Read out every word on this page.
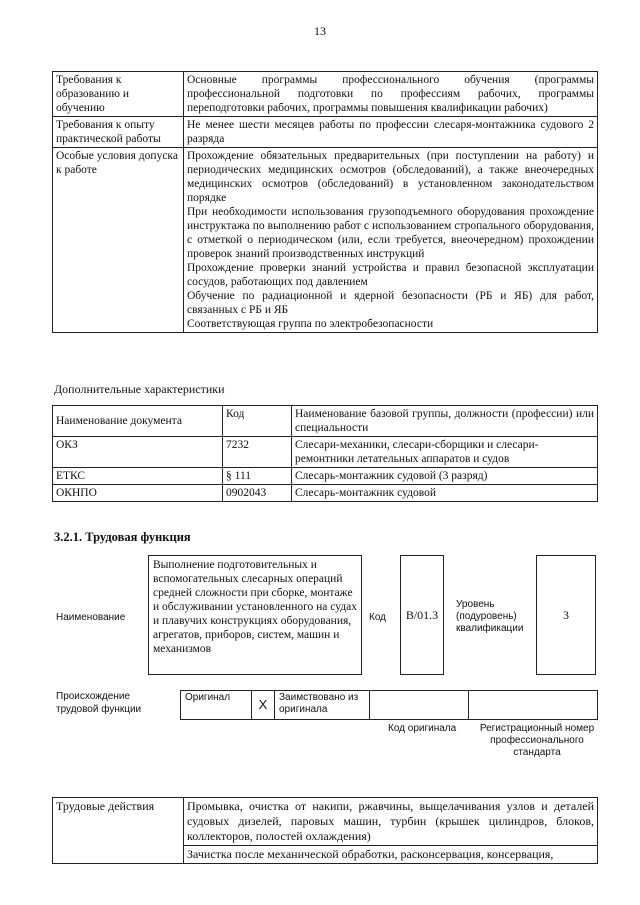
13
Требования к образованию и обучению	Основные программы профессионального обучения (программы профессиональной подготовки по профессиям рабочих, программы переподготовки рабочих, программы повышения квалификации рабочих)

Требования к опыту практической работы	Не менее шести месяцев работы по профессии слесаря-монтажника судового 2 разряда

Особые условия допуска к работе	Прохождение обязательных предварительных (при поступлении на работу) и периодических медицинских осмотров (обследований), а также внеочередных медицинских осмотров (обследований) в установленном законодательством порядке
При необходимости использования грузоподъемного оборудования прохождение инструктажа по выполнению работ с использованием стропального оборудования, с отметкой о периодическом (или, если требуется, внеочередном) прохождении проверок знаний производственных инструкций
Прохождение проверки знаний устройства и правил безопасной эксплуатации сосудов, работающих под давлением
Обучение по радиационной и ядерной безопасности (РБ и ЯБ) для работ, связанных с РБ и ЯБ
Соответствующая группа по электробезопасности
Дополнительные характеристики
Наименование документа	Код	Наименование базовой группы, должности (профессии) или специальности
ОКЗ	7232	Слесари-механики, слесари-сборщики и слесари-ремонтники летательных аппаратов и судов
ЕТКС	§ 111	Слесарь-монтажник судовой (3 разряд)
ОКНПО	0902043	Слесарь-монтажник судовой
3.2.1. Трудовая функция
Наименование
Выполнение подготовительных и вспомогательных слесарных операций средней сложности при сборке, монтаже и обслуживании установленного на судах и плавучих конструкциях оборудования, агрегатов, приборов, систем, машин и механизмов
Код	B/01.3
Уровень (подуровень) квалификации
3
Происхождение трудовой функции
Оригинал	X	Заимствовано из оригинала		
Код оригинала	Регистрационный номер профессионального стандарта
Трудовые действия	Промывка, очистка от накипи, ржавчины, выщелачивания узлов и деталей судовых дизелей, паровых машин, турбин (крышек цилиндров, блоков, коллекторов, полостей охлаждения)
Зачистка после механической обработки, расконсервация, консервация,
